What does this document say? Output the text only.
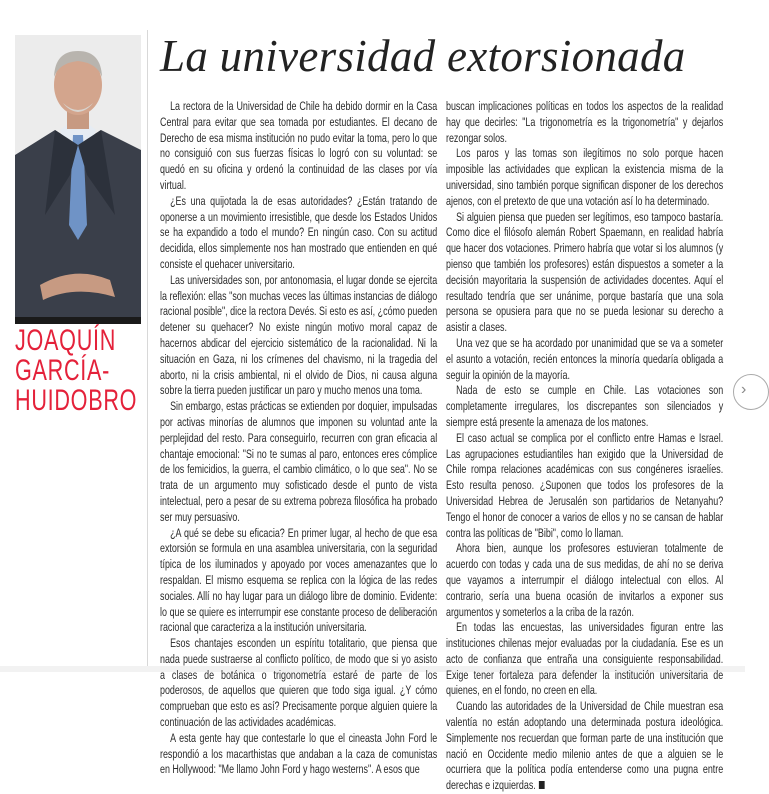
JOAQUÍN
GARCÍA-
HUIDOBRO
La universidad extorsionada

La rectora de la Universidad de Chile ha debido dormir en la Casa Central para evitar que sea tomada por estudiantes. El decano de Derecho de esa misma institución no pudo evitar la toma, pero lo que no consiguió con sus fuerzas físicas lo logró con su voluntad: se quedó en su oficina y ordenó la continuidad de las clases por vía virtual.

¿Es una quijotada la de esas autoridades? ¿Están tratando de oponerse a un movimiento irresistible, que desde los Estados Unidos se ha expandido a todo el mundo? En ningún caso. Con su actitud decidida, ellos simplemente nos han mostrado que entienden en qué consiste el quehacer universitario.

Las universidades son, por antonomasia, el lugar donde se ejercita la reflexión: ellas "son muchas veces las últimas instancias de diálogo racional posible", dice la rectora Devés. Si esto es así, ¿cómo pueden detener su quehacer? No existe ningún motivo moral capaz de hacernos abdicar del ejercicio sistemático de la racionalidad. Ni la situación en Gaza, ni los crímenes del chavismo, ni la tragedia del aborto, ni la crisis ambiental, ni el olvido de Dios, ni causa alguna sobre la tierra pueden justificar un paro y mucho menos una toma.

Sin embargo, estas prácticas se extienden por doquier, impulsadas por activas minorías de alumnos que imponen su voluntad ante la perplejidad del resto. Para conseguirlo, recurren con gran eficacia al chantaje emocional: "Si no te sumas al paro, entonces eres cómplice de los femicidios, la guerra, el cambio climático, o lo que sea". No se trata de un argumento muy sofisticado desde el punto de vista intelectual, pero a pesar de su extrema pobreza filosófica ha probado ser muy persuasivo.

¿A qué se debe su eficacia? En primer lugar, al hecho de que esa extorsión se formula en una asamblea universitaria, con la seguridad típica de los iluminados y apoyado por voces amenazantes que lo respaldan. El mismo esquema se replica con la lógica de las redes sociales. Allí no hay lugar para un diálogo libre de dominio. Evidente: lo que se quiere es interrumpir ese constante proceso de deliberación racional que caracteriza a la institución universitaria.

Esos chantajes esconden un espíritu totalitario, que piensa que nada puede sustraerse al conflicto político, de modo que si yo asisto a clases de botánica o trigonometría estaré de parte de los poderosos, de aquellos que quieren que todo siga igual. ¿Y cómo comprueban que esto es así? Precisamente porque alguien quiere la continuación de las actividades académicas.

A esta gente hay que contestarle lo que el cineasta John Ford le respondió a los macarthistas que andaban a la caza de comunistas en Hollywood: "Me llamo John Ford y hago westerns". A esos que

buscan implicaciones políticas en todos los aspectos de la realidad hay que decirles: "La trigonometría es la trigonometría" y dejarlos rezongar solos.

Los paros y las tomas son ilegítimos no solo porque hacen imposible las actividades que explican la existencia misma de la universidad, sino también porque significan disponer de los derechos ajenos, con el pretexto de que una votación así lo ha determinado.

Si alguien piensa que pueden ser legítimos, eso tampoco bastaría. Como dice el filósofo alemán Robert Spaemann, en realidad habría que hacer dos votaciones. Primero habría que votar si los alumnos (y pienso que también los profesores) están dispuestos a someter a la decisión mayoritaria la suspensión de actividades docentes. Aquí el resultado tendría que ser unánime, porque bastaría que una sola persona se opusiera para que no se pueda lesionar su derecho a asistir a clases.

Una vez que se ha acordado por unanimidad que se va a someter el asunto a votación, recién entonces la minoría quedaría obligada a seguir la opinión de la mayoría.

Nada de esto se cumple en Chile. Las votaciones son completamente irregulares, los discrepantes son silenciados y siempre está presente la amenaza de los matones.

El caso actual se complica por el conflicto entre Hamas e Israel. Las agrupaciones estudiantiles han exigido que la Universidad de Chile rompa relaciones académicas con sus congéneres israelíes. Esto resulta penoso. ¿Suponen que todos los profesores de la Universidad Hebrea de Jerusalén son partidarios de Netanyahu? Tengo el honor de conocer a varios de ellos y no se cansan de hablar contra las políticas de "Bibi", como lo llaman.

Ahora bien, aunque los profesores estuvieran totalmente de acuerdo con todas y cada una de sus medidas, de ahí no se deriva que vayamos a interrumpir el diálogo intelectual con ellos. Al contrario, sería una buena ocasión de invitarlos a exponer sus argumentos y someterlos a la criba de la razón.

En todas las encuestas, las universidades figuran entre las instituciones chilenas mejor evaluadas por la ciudadanía. Ese es un acto de confianza que entraña una consiguiente responsabilidad. Exige tener fortaleza para defender la institución universitaria de quienes, en el fondo, no creen en ella.

Cuando las autoridades de la Universidad de Chile muestran esa valentía no están adoptando una determinada postura ideológica. Simplemente nos recuerdan que forman parte de una institución que nació en Occidente medio milenio antes de que a alguien se le ocurriera que la política podía entenderse como una pugna entre derechas e izquierdas.

›
